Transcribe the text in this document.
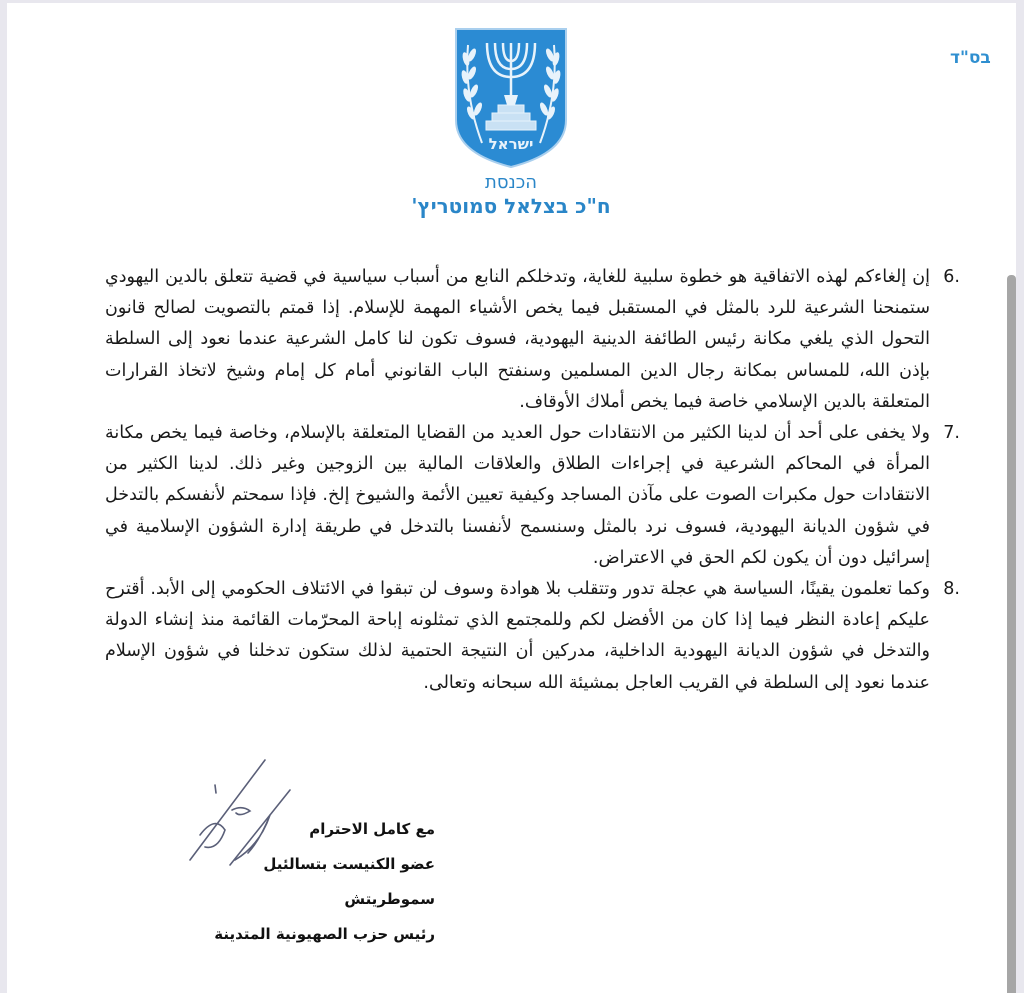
בס"ד
ישראל
הכנסת
ח"כ בצלאל סמוטריץ'
6.
إن إلغاءكم لهذه الاتفاقية هو خطوة سلبية للغاية، وتدخلكم النابع من أسباب سياسية في قضية تتعلق بالدين اليهودي ستمنحنا الشرعية للرد بالمثل في المستقبل فيما يخص الأشياء المهمة للإسلام. إذا قمتم بالتصويت لصالح قانون التحول الذي يلغي مكانة رئيس الطائفة الدينية اليهودية، فسوف تكون لنا كامل الشرعية عندما نعود إلى السلطة بإذن الله، للمساس بمكانة رجال الدين المسلمين وسنفتح الباب القانوني أمام كل إمام وشيخ لاتخاذ القرارات المتعلقة بالدين الإسلامي خاصة فيما يخص أملاك الأوقاف.
7.
ولا يخفى على أحد أن لدينا الكثير من الانتقادات حول العديد من القضايا المتعلقة بالإسلام، وخاصة فيما يخص مكانة المرأة في المحاكم الشرعية في إجراءات الطلاق والعلاقات المالية بين الزوجين وغير ذلك. لدينا الكثير من الانتقادات حول مكبرات الصوت على مآذن المساجد وكيفية تعيين الأئمة والشيوخ إلخ. فإذا سمحتم لأنفسكم بالتدخل في شؤون الديانة اليهودية، فسوف نرد بالمثل وسنسمح لأنفسنا بالتدخل في طريقة إدارة الشؤون الإسلامية في إسرائيل دون أن يكون لكم الحق في الاعتراض.
8.
وكما تعلمون يقينًا، السياسة هي عجلة تدور وتتقلب بلا هوادة وسوف لن تبقوا في الائتلاف الحكومي إلى الأبد. أقترح عليكم إعادة النظر فيما إذا كان من الأفضل لكم وللمجتمع الذي تمثلونه إباحة المحرّمات القائمة منذ إنشاء الدولة والتدخل في شؤون الديانة اليهودية الداخلية، مدركين أن النتيجة الحتمية لذلك ستكون تدخلنا في شؤون الإسلام عندما نعود إلى السلطة في القريب العاجل بمشيئة الله سبحانه وتعالى.
مع كامل الاحترام
عضو الكنيست بتسالئيل سموطريتش
رئيس حزب الصهيونية المتدينة
